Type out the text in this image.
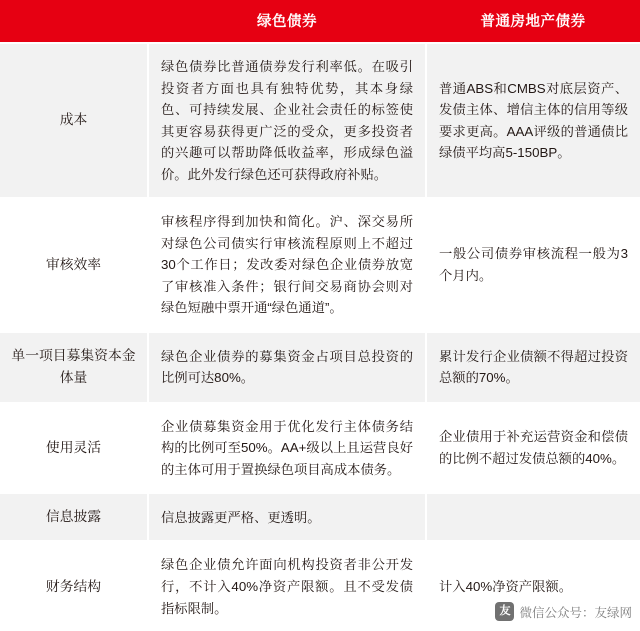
	绿色债券	普通房地产债券

成本	绿色债券比普通债券发行利率低。在吸引投资者方面也具有独特优势，其本身绿色、可持续发展、企业社会责任的标签使其更容易获得更广泛的受众，更多投资者的兴趣可以帮助降低收益率，形成绿色溢价。此外发行绿色还可获得政府补贴。	普通ABS和CMBS对底层资产、发债主体、增信主体的信用等级要求更高。AAA评级的普通债比绿债平均高5-150BP。

审核效率	审核程序得到加快和简化。沪、深交易所对绿色公司债实行审核流程原则上不超过30个工作日；发改委对绿色企业债券放宽了审核准入条件；银行间交易商协会则对绿色短融中票开通“绿色通道”。	一般公司债券审核流程一般为3个月内。

单一项目募集资本金体量	绿色企业债券的募集资金占项目总投资的比例可达80%。	累计发行企业债额不得超过投资总额的70%。

使用灵活	企业债募集资金用于优化发行主体债务结构的比例可至50%。AA+级以上且运营良好的主体可用于置换绿色项目高成本债务。	企业债用于补充运营资金和偿债的比例不超过发债总额的40%。

信息披露	信息披露更严格、更透明。	

财务结构	绿色企业债允许面向机构投资者非公开发行，不计入40%净资产限额。且不受发债指标限制。	计入40%净资产限额。
友 微信公众号：友绿网
